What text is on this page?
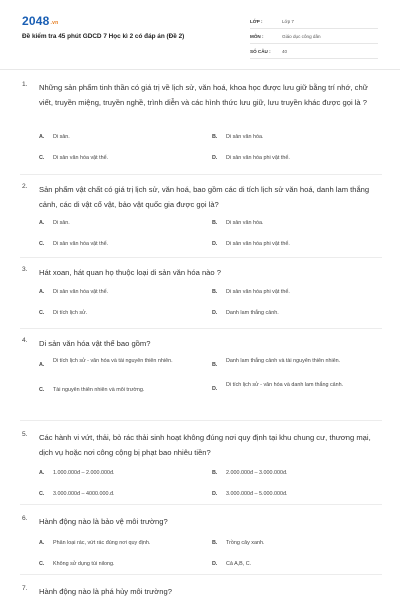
2048.vn
Đề kiểm tra 45 phút GDCD 7 Học kì 2 có đáp án (Đề 2)
LỚP :	Lớp 7
MÔN :	Giáo dục công dân
SỐ CÂU :	40
1. Những sản phẩm tinh thần có giá trị về lịch sử, văn hoá, khoa học được lưu giữ bằng trí nhớ, chữ viết, truyền miệng, truyền nghề, trình diễn và các hình thức lưu giữ, lưu truyền khác được gọi là ?
A.	Di sản.	B.	Di sản văn hóa.
C.	Di sản văn hóa vật thể.	D.	Di sản văn hóa phi vật thể.
2. Sản phẩm vật chất có giá trị lịch sử, văn hoá, bao gồm các di tích lịch sử văn hoá, danh lam thắng cảnh, các di vật cổ vật, bảo vật quốc gia được gọi là?
A.	Di sản.	B.	Di sản văn hóa.
C.	Di sản văn hóa vật thể.	D.	Di sản văn hóa phi vật thể.
3. Hát xoan, hát quan họ thuộc loại di sản văn hóa nào ?
A.	Di sản văn hóa vật thể.	B.	Di sản văn hóa phi vật thể.
C.	Di tích lịch sử.	D.	Danh lam thắng cảnh.
4. Di sản văn hóa vật thể bao gồm?
A.
Di tích lịch sử - văn hóa và tài nguyên thiên nhiên.
B.
Danh lam thắng cảnh và tài nguyên thiên nhiên.
C.	Tài nguyên thiên nhiên và môi trường.	D.
Di tích lịch sử - văn hóa và danh lam thắng cảnh.
5. Các hành vi vứt, thải, bỏ rác thải sinh hoạt không đúng nơi quy định tại khu chung cư, thương mại, dịch vụ hoặc nơi công cộng bị phạt bao nhiêu tiền?
A.	1.000.000đ – 2.000.000đ.	B.	2.000.000đ – 3.000.000đ.
C.	3.000.000đ – 4000.000.đ.	D.	3.000.000đ – 5.000.000đ.
6. Hành động nào là bảo vệ môi trường?
A.	Phân loại rác, vứt rác đúng nơi quy định.	B.	Trồng cây xanh.
C.	Không sử dụng túi nilong.	D.	Cả A,B, C.
7. Hành động nào là phá hủy môi trường?
